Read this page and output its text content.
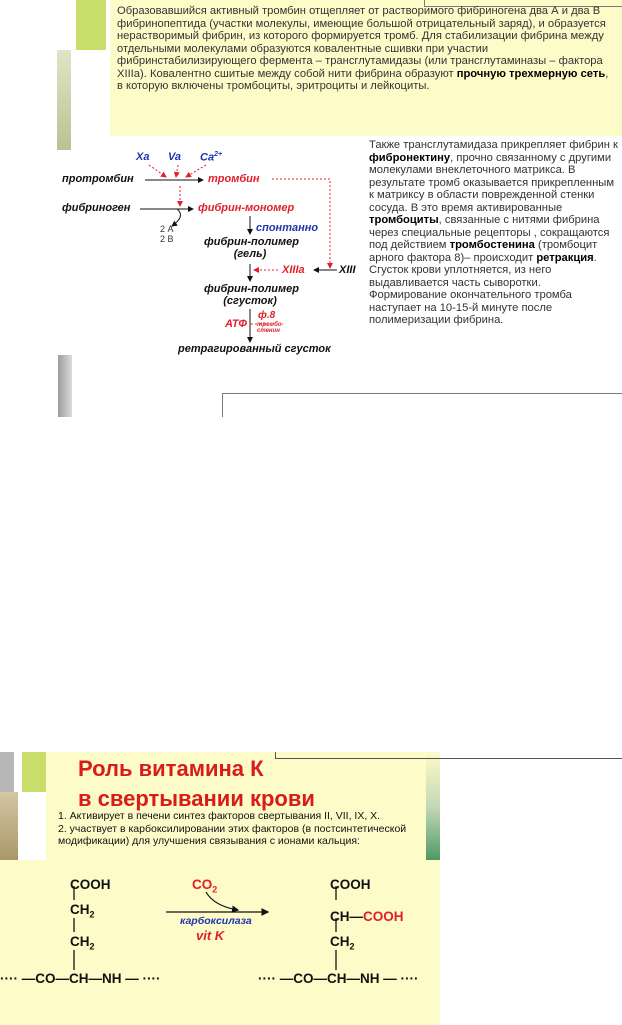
Образовавшийся активный тромбин отщепляет от растворимого фибриногена два А и два В фибринопептида (участки молекулы, имеющие большой отрицательный заряд), и образуется нерастворимый фибрин, из которого формируется тромб. Для стабилизации фибрина между отдельными молекулами образуются ковалентные сшивки при участии фибринстабилизирующего фермента – трансглутамидазы (или трансглутаминазы – фактора XIIIa). Ковалентно сшитые между собой нити фибрина образуют прочную трехмерную сеть, в которую включены тромбоциты, эритроциты и лейкоциты.
Также трансглутамидаза прикрепляет фибрин к фибронектину, прочно связанному с другими молекулами внеклеточного матрикса. В результате тромб оказывается прикрепленным к матриксу в области поврежденной стенки сосуда. В это время активированные тромбоциты, связанные с нитями фибрина через специальные рецепторы , сокращаются под действием тромбостенина (тромбоцит арного фактора 8)– происходит ретракция. Сгусток крови уплотняется, из него выдавливается часть сыворотки. Формирование окончательного тромба наступает на 10-15-й минуте после полимеризации фибрина.
Xa Va $Ca^{2+}$
протромбин	тромбин
фибриноген	фибрин-мономер
2 А
2 В
спонтанно
фибрин-полимер
(гель)
XIIIa	XIII
фибрин-полимер
(сгусток)
АТФ
ф.8
тромбо-
стенин
ретрагированный сгусток
Роль витамина К
в свертывании крови

1. Активирует в печени синтез факторов свертывания II, VII, IX, X.

2. участвует в карбоксилировании этих факторов (в постсинтетической модификации) для улучшения связывания с ионами кальция:

COOH
$CH_2$
$CH_2$
···· —CO—CH—NH — ····
$CO_2$
карбоксилаза
vit K
COOH
CH—COOH
$CH_2$
···· —CO—CH—NH — ····
